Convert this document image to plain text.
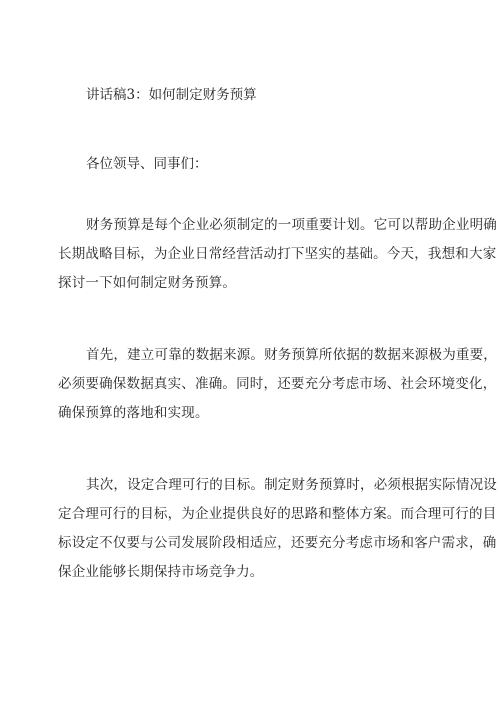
讲话稿3：如何制定财务预算
各位领导、同事们：
财务预算是每个企业必须制定的一项重要计划。它可以帮助企业明确
长期战略目标，为企业日常经营活动打下坚实的基础。今天，我想和大家
探讨一下如何制定财务预算。
首先，建立可靠的数据来源。财务预算所依据的数据来源极为重要，
必须要确保数据真实、准确。同时，还要充分考虑市场、社会环境变化，
确保预算的落地和实现。
其次，设定合理可行的目标。制定财务预算时，必须根据实际情况设
定合理可行的目标，为企业提供良好的思路和整体方案。而合理可行的目
标设定不仅要与公司发展阶段相适应，还要充分考虑市场和客户需求，确
保企业能够长期保持市场竞争力。
